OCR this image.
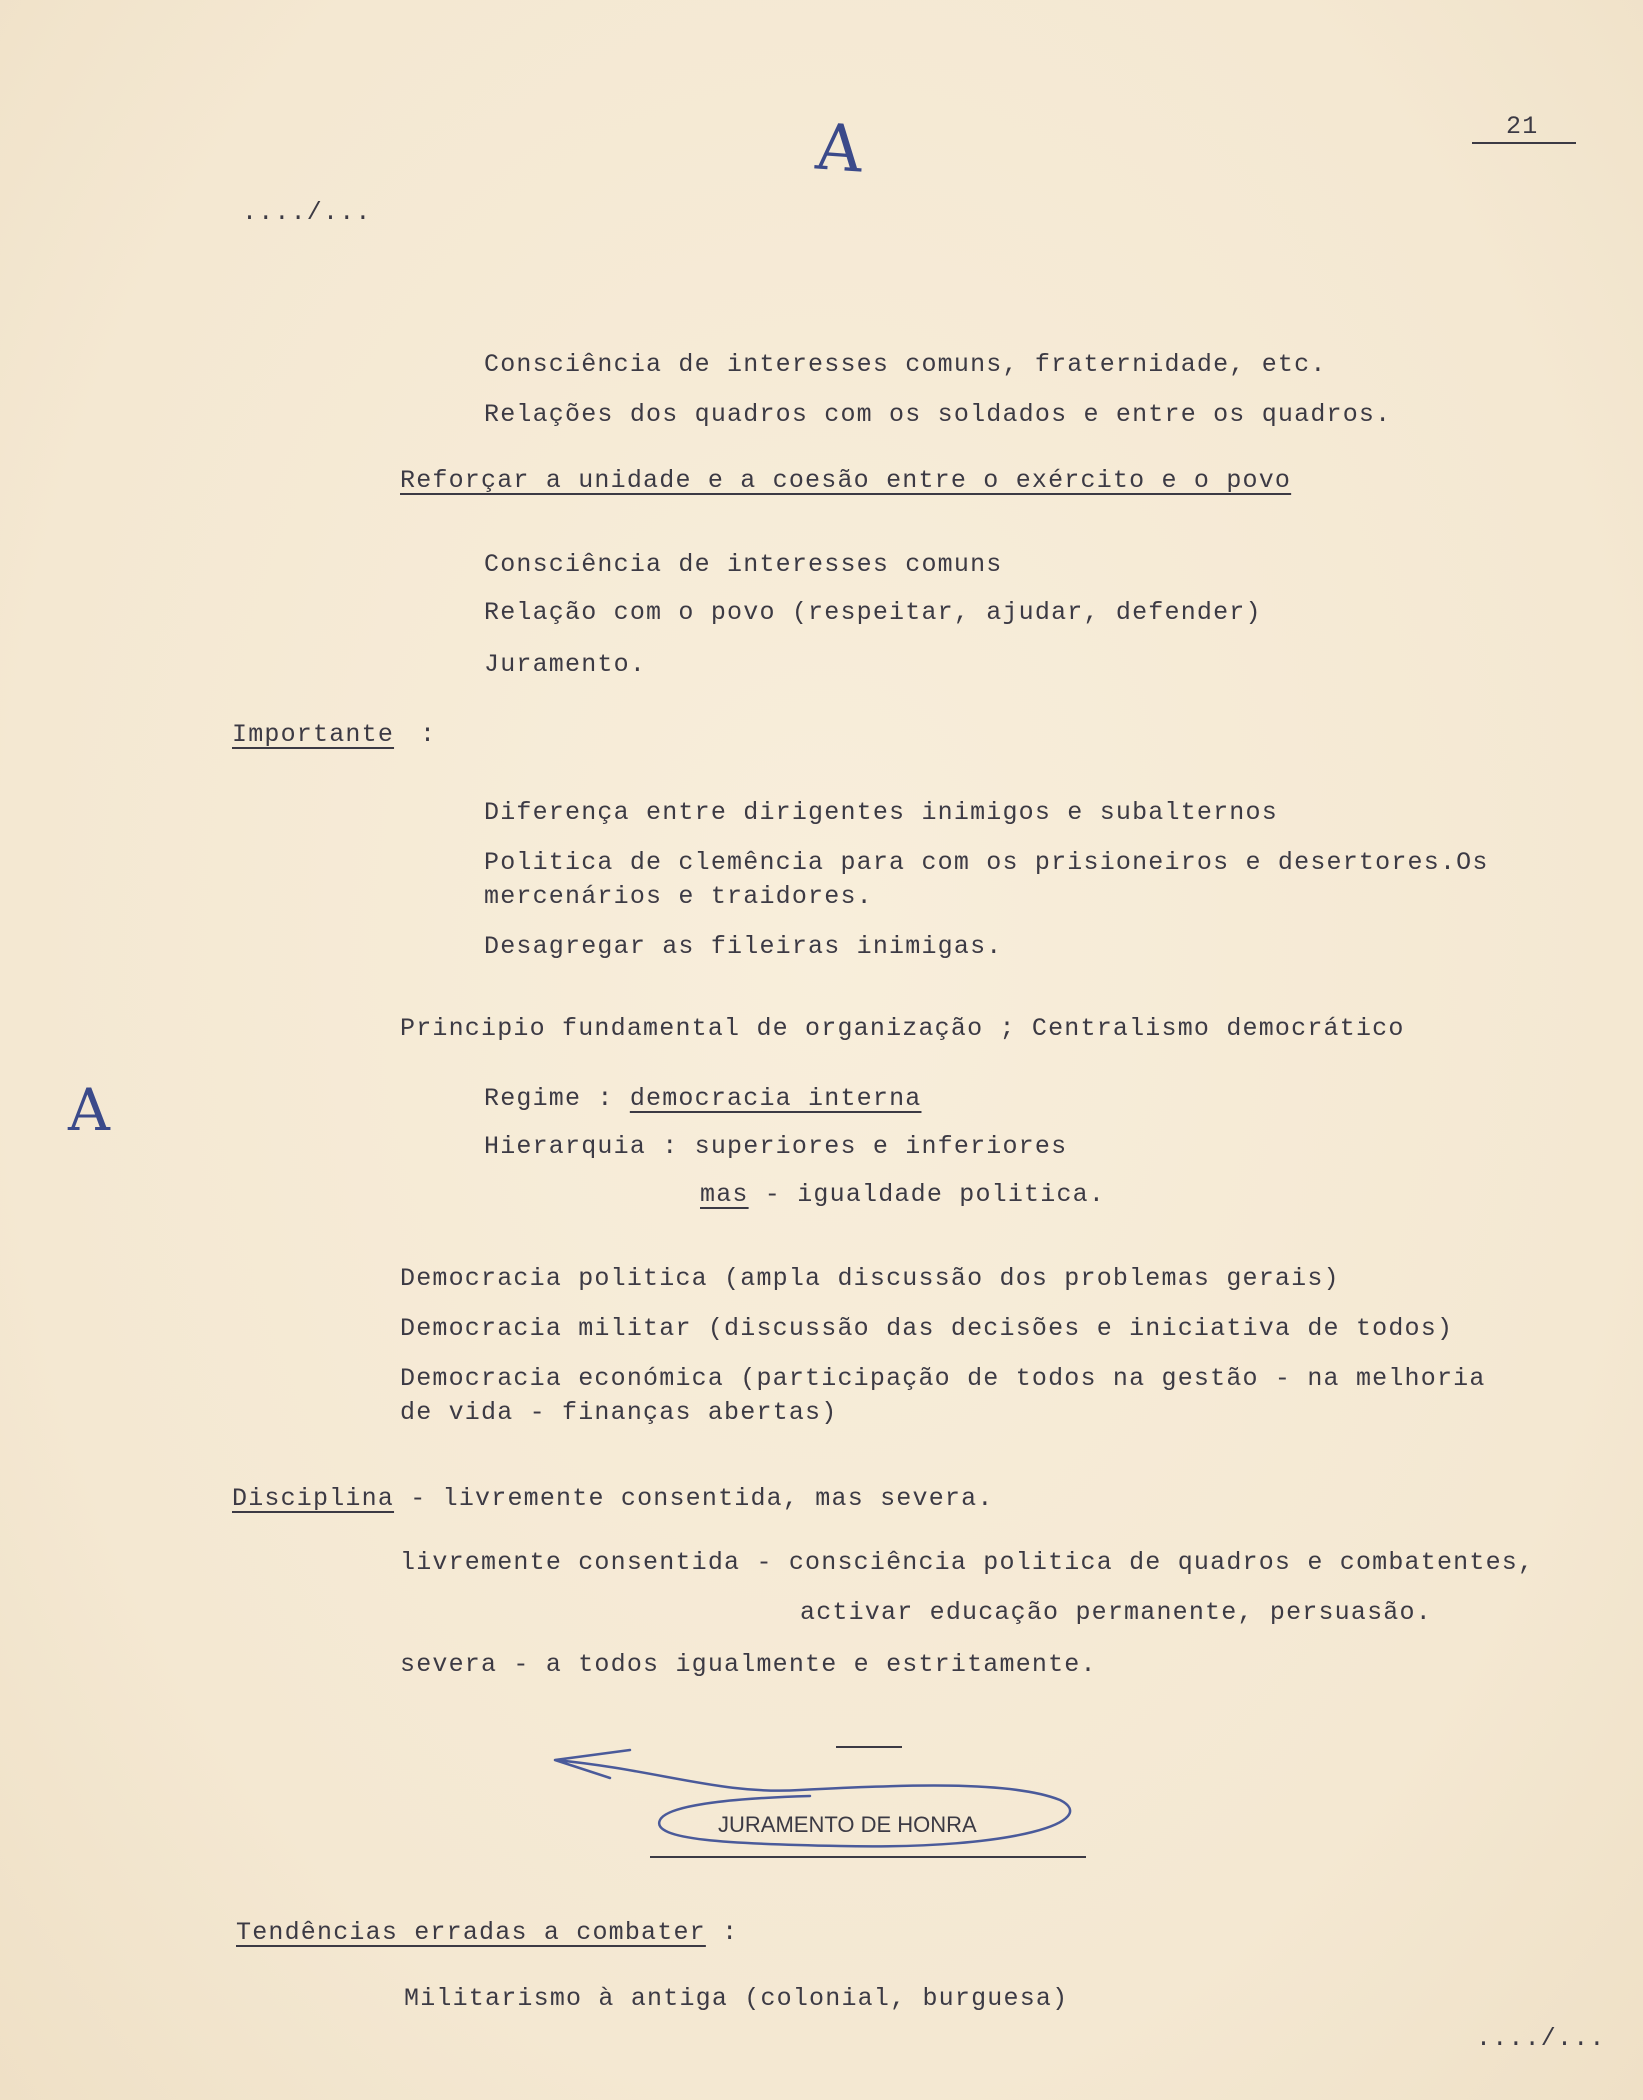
21
A
A
..../...
Consciência de interesses comuns, fraternidade, etc.
Relações dos quadros com os soldados e entre os quadros.
Reforçar a unidade e a coesão entre o exército e o povo
Consciência de interesses comuns
Relação com o povo (respeitar, ajudar, defender)
Juramento.
Importante :
Diferença entre dirigentes inimigos e subalternos
Politica de clemência para com os prisioneiros e desertores.Os
mercenários e traidores.
Desagregar as fileiras inimigas.
Principio fundamental de organização ; Centralismo democrático
Regime : democracia interna
Hierarquia : superiores e inferiores
mas - igualdade politica.
Democracia politica (ampla discussão dos problemas gerais)
Democracia militar (discussão das decisões e iniciativa de todos)
Democracia económica (participação de todos na gestão - na melhoria
de vida - finanças abertas)
Disciplina - livremente consentida, mas severa.
livremente consentida - consciência politica de quadros e combatentes,
activar educação permanente, persuasão.
severa - a todos igualmente e estritamente.
JURAMENTO DE HONRA
Tendências erradas a combater :
Militarismo à antiga (colonial, burguesa)
..../...
